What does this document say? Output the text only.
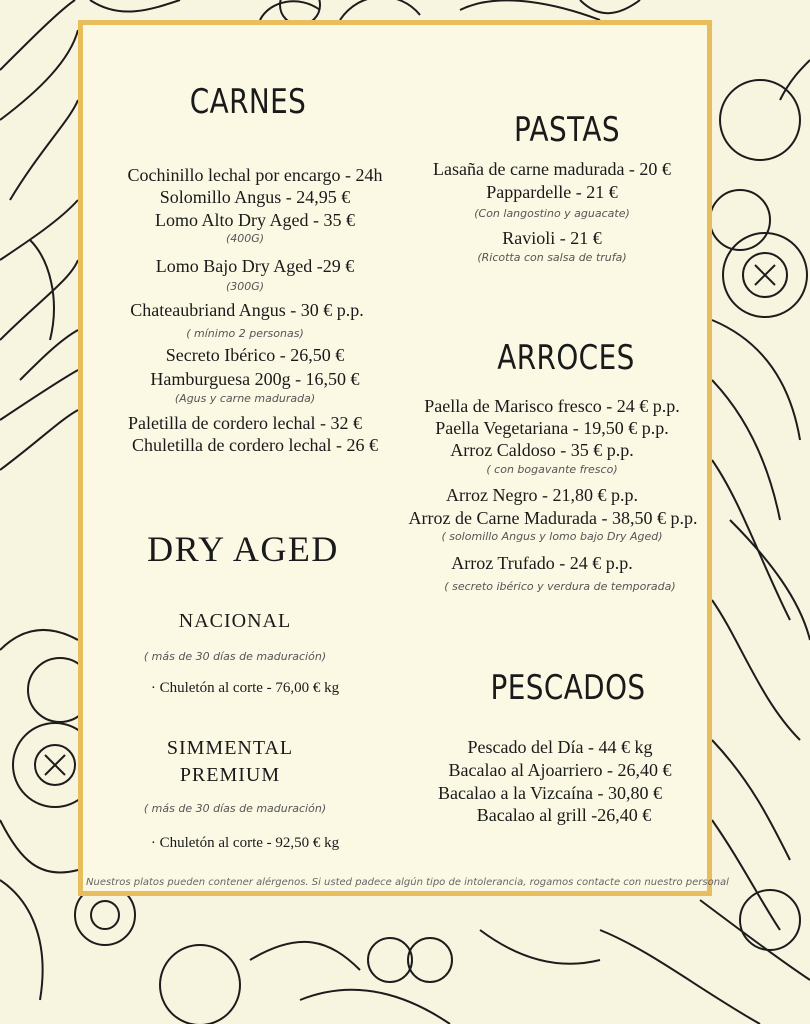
CARNES
Cochinillo lechal por encargo - 24h
Solomillo Angus - 24,95 €
Lomo Alto Dry Aged - 35 €
(400G)
Lomo Bajo Dry Aged -29 €
(300G)
Chateaubriand Angus - 30 € p.p.
( mínimo 2 personas)
Secreto Ibérico - 26,50 €
Hamburguesa 200g - 16,50 €
(Agus y carne madurada)
Paletilla de cordero lechal - 32 €
Chuletilla de cordero lechal - 26 €
PASTAS
Lasaña de carne madurada - 20 €
Pappardelle - 21 €
(Con langostino y aguacate)
Ravioli - 21 €
(Ricotta con salsa de trufa)
ARROCES
Paella de Marisco fresco - 24 € p.p.
Paella Vegetariana - 19,50 € p.p.
Arroz Caldoso - 35 € p.p.
( con bogavante fresco)
Arroz Negro - 21,80 € p.p.
Arroz de Carne Madurada - 38,50 € p.p.
( solomillo Angus y lomo bajo Dry Aged)
Arroz Trufado - 24 € p.p.
( secreto ibérico y verdura de temporada)
DRY AGED
NACIONAL
( más de 30 días de maduración)
· Chuletón al corte - 76,00 € kg
SIMMENTAL
PREMIUM
( más de 30 días de maduración)
· Chuletón al corte - 92,50 € kg
PESCADOS
Pescado del Día - 44 € kg
Bacalao al Ajoarriero - 26,40 €
Bacalao a la Vizcaína - 30,80 €
Bacalao al grill -26,40 €
Nuestros platos pueden contener alérgenos. Si usted padece algún tipo de intolerancia, rogamos contacte con nuestro personal
